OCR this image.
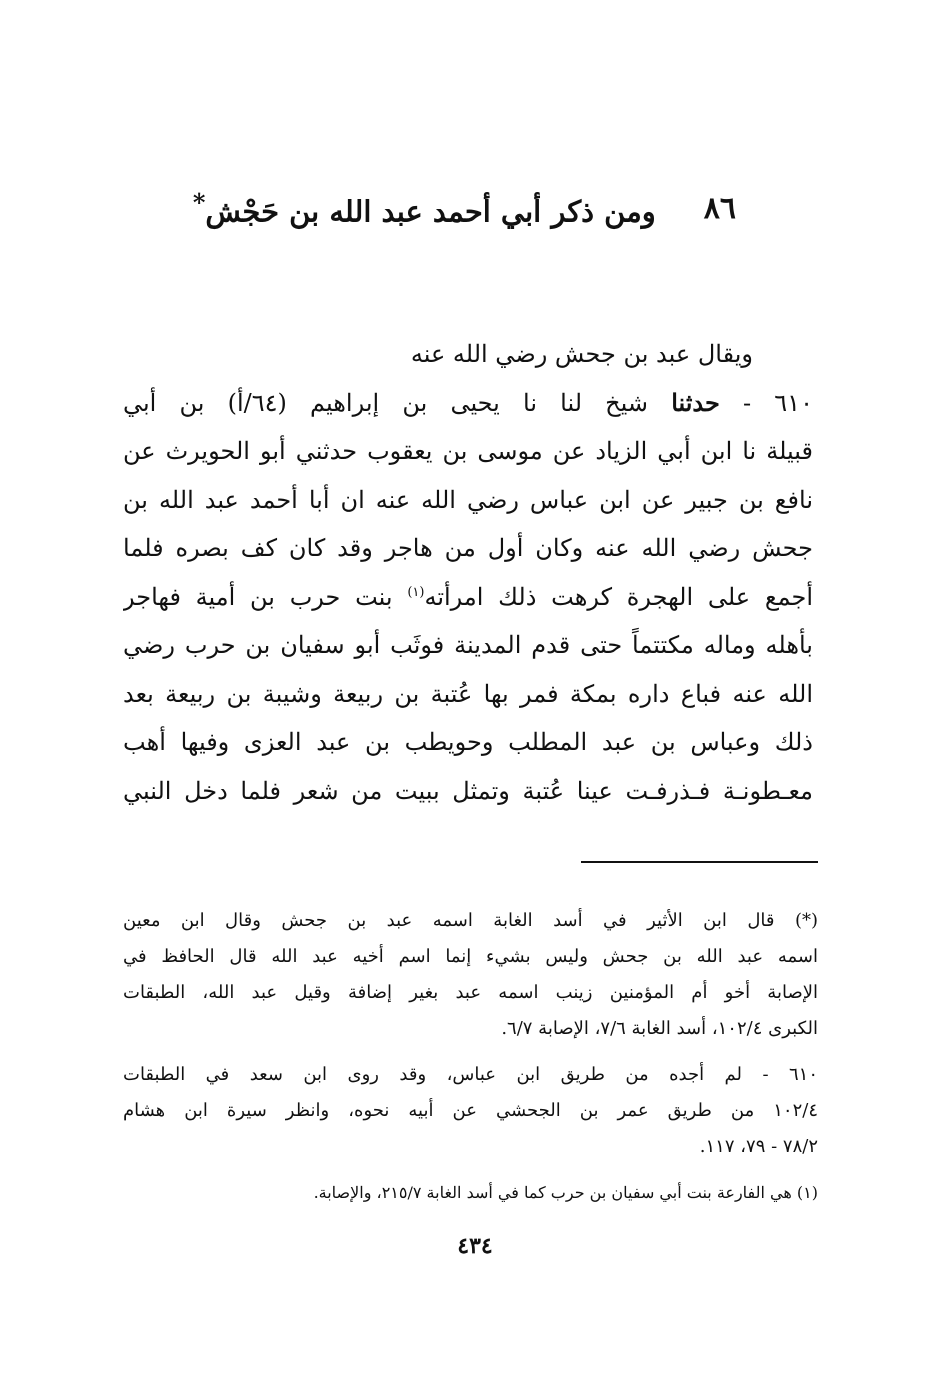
٨٦
ومن ذكر أبي أحمد عبد الله بن حَجْش*
ويقال عبد بن جحش رضي الله عنه
٦١٠ - حدثنا شيخ لنا نا يحيى بن إبراهيم (٦٤/أ) بن أبي
قبيلة نا ابن أبي الزياد عن موسى بن يعقوب حدثني أبو الحويرث عن
نافع بن جبير عن ابن عباس رضي الله عنه ان أبا أحمد عبد الله بن
جحش رضي الله عنه وكان أول من هاجر وقد كان كف بصره فلما
أجمع على الهجرة كرهت ذلك امرأته$^{(١)}$ بنت حرب بن أمية فهاجر
بأهله وماله مكتتماً حتى قدم المدينة فوثَب أبو سفيان بن حرب رضي
الله عنه فباع داره بمكة فمر بها عُتبة بن ربيعة وشيبة بن ربيعة بعد
ذلك وعباس بن عبد المطلب وحويطب بن عبد العزى وفيها أهب
معـطونـة فـذرفـت عينا عُتبة وتمثل ببيت من شعر فلما دخل النبي
(*) قال ابن الأثير في أسد الغابة اسمه عبد بن جحش وقال ابن معين
اسمه عبد الله بن جحش وليس بشيء إنما اسم أخيه عبد الله قال الحافظ في
الإصابة أخو أم المؤمنين زينب اسمه عبد بغير إضافة وقيل عبد الله، الطبقات
الكبرى ١٠٢/٤، أسد الغابة ٧/٦، الإصابة ٦/٧.
٦١٠ - لم أجده من طريق ابن عباس، وقد روى ابن سعد في الطبقات
١٠٢/٤ من طريق عمر بن الجحشي عن أبيه نحوه، وانظر سيرة ابن هشام
٧٨/٢ - ٧٩، ١١٧.
(١) هي الفارعة بنت أبي سفيان بن حرب كما في أسد الغابة ٢١٥/٧، والإصابة.
٤٣٤
